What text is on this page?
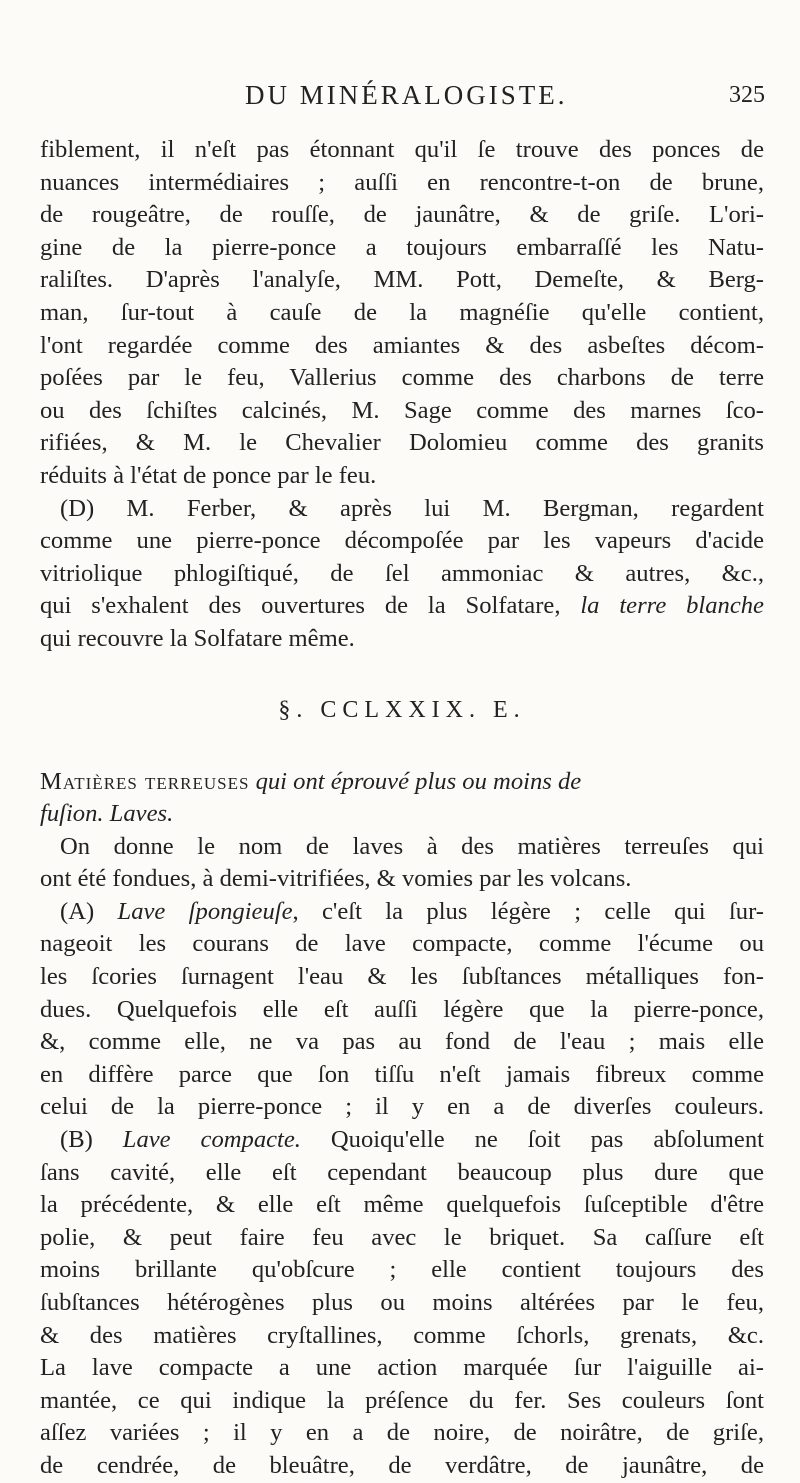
DU MINÉRALOGISTE.	325
fiblement, il n'eſt pas étonnant qu'il ſe trouve des ponces de
nuances intermédiaires ; auſſi en rencontre-t-on de brune,
de rougeâtre, de rouſſe, de jaunâtre, & de griſe. L'ori-
gine de la pierre-ponce a toujours embarraſſé les Natu-
raliſtes. D'après l'analyſe, MM. Pott, Demeſte, & Berg-
man, ſur-tout à cauſe de la magnéſie qu'elle contient,
l'ont regardée comme des amiantes & des asbeſtes décom-
poſées par le feu, Vallerius comme des charbons de terre
ou des ſchiſtes calcinés, M. Sage comme des marnes ſco-
rifiées, & M. le Chevalier Dolomieu comme des granits
réduits à l'état de ponce par le feu.
(D) M. Ferber, & après lui M. Bergman, regardent
comme une pierre-ponce décompoſée par les vapeurs d'acide
vitriolique phlogiſtiqué, de ſel ammoniac & autres, &c.,
qui s'exhalent des ouvertures de la Solfatare, la terre blanche
qui recouvre la Solfatare même.
§. CCLXXIX. E.
Matières terreuses qui ont éprouvé plus ou moins de
fuſion. Laves.
On donne le nom de laves à des matières terreuſes qui
ont été fondues, à demi-vitrifiées, & vomies par les volcans.
(A) Lave ſpongieuſe, c'eſt la plus légère ; celle qui ſur-
nageoit les courans de lave compacte, comme l'écume ou
les ſcories ſurnagent l'eau & les ſubſtances métalliques fon-
dues. Quelquefois elle eſt auſſi légère que la pierre-ponce,
&, comme elle, ne va pas au fond de l'eau ; mais elle
en diffère parce que ſon tiſſu n'eſt jamais fibreux comme
celui de la pierre-ponce ; il y en a de diverſes couleurs.
(B) Lave compacte. Quoiqu'elle ne ſoit pas abſolument
ſans cavité, elle eſt cependant beaucoup plus dure que
la précédente, & elle eſt même quelquefois ſuſceptible d'être
polie, & peut faire feu avec le briquet. Sa caſſure eſt
moins brillante qu'obſcure ; elle contient toujours des
ſubſtances hétérogènes plus ou moins altérées par le feu,
& des matières cryſtallines, comme ſchorls, grenats, &c.
La lave compacte a une action marquée ſur l'aiguille ai-
mantée, ce qui indique la préſence du fer. Ses couleurs ſont
aſſez variées ; il y en a de noire, de noirâtre, de griſe,
de cendrée, de bleuâtre, de verdâtre, de jaunâtre, de
